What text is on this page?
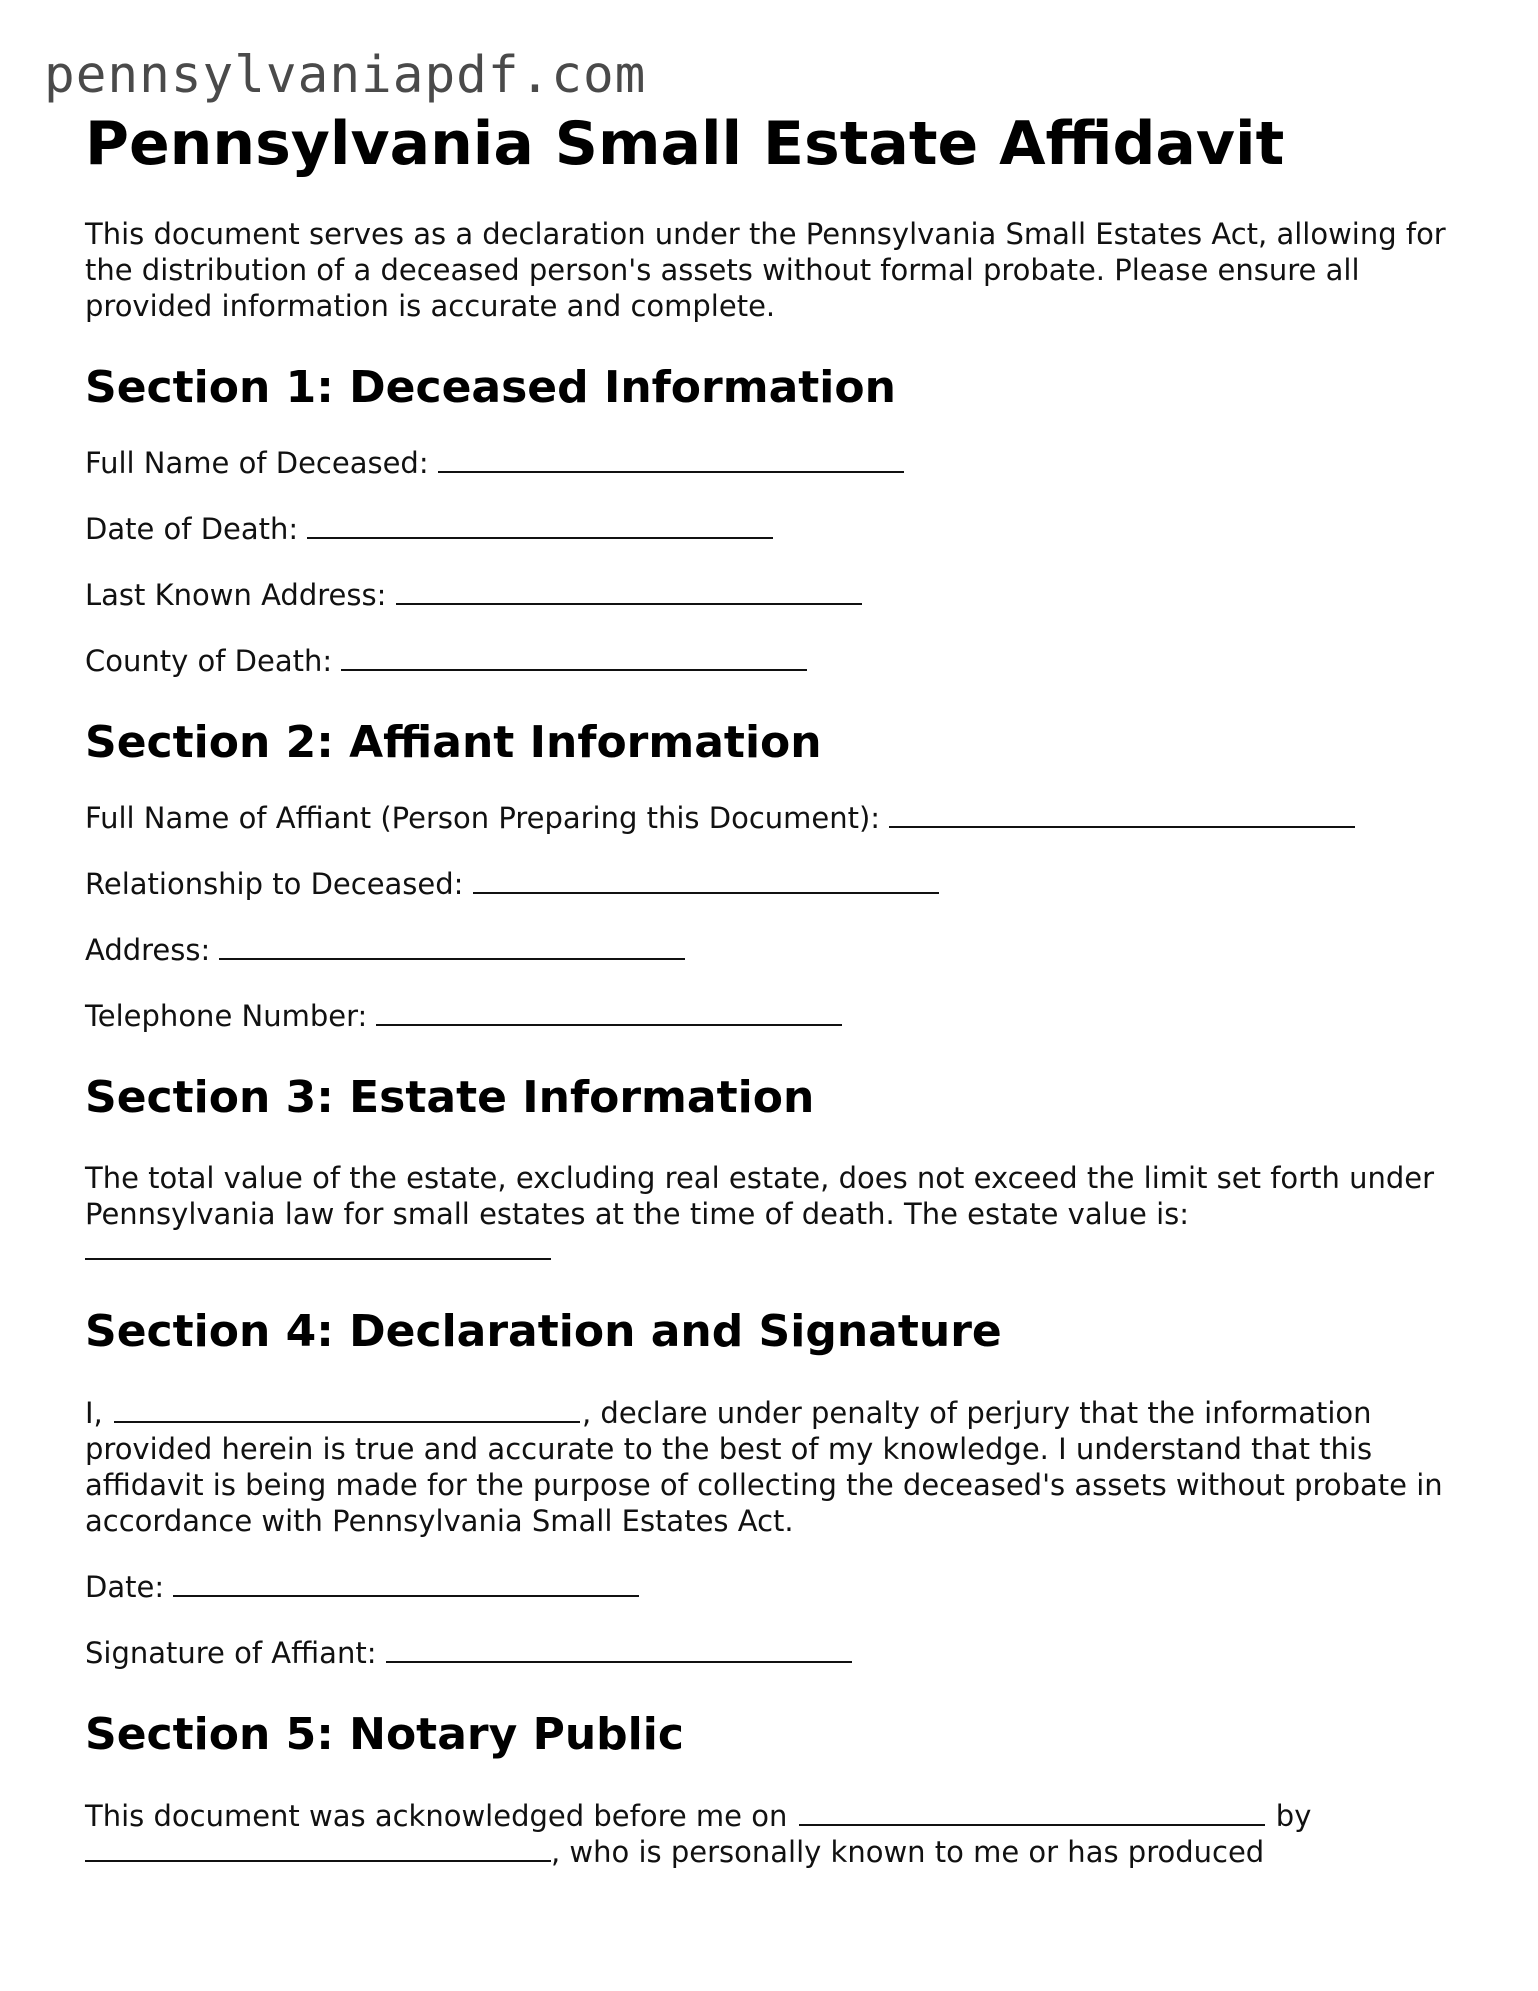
pennsylvaniapdf.com
Pennsylvania Small Estate Affidavit

This document serves as a declaration under the Pennsylvania Small Estates Act, allowing for the distribution of a deceased person's assets without formal probate. Please ensure all provided information is accurate and complete.

Section 1: Deceased Information
Full Name of Deceased:
Date of Death:
Last Known Address:
County of Death:
Section 2: Affiant Information
Full Name of Affiant (Person Preparing this Document):
Relationship to Deceased:
Address:
Telephone Number:
Section 3: Estate Information

The total value of the estate, excluding real estate, does not exceed the limit set forth under Pennsylvania law for small estates at the time of death. The estate value is:

Section 4: Declaration and Signature

I,	, declare under penalty of perjury that the information provided herein is true and accurate to the best of my knowledge. I understand that this affidavit is being made for the purpose of collecting the deceased's assets without probate in accordance with Pennsylvania Small Estates Act.

Date:
Signature of Affiant:
Section 5: Notary Public

This document was acknowledged before me on	by , who is personally known to me or has produced
